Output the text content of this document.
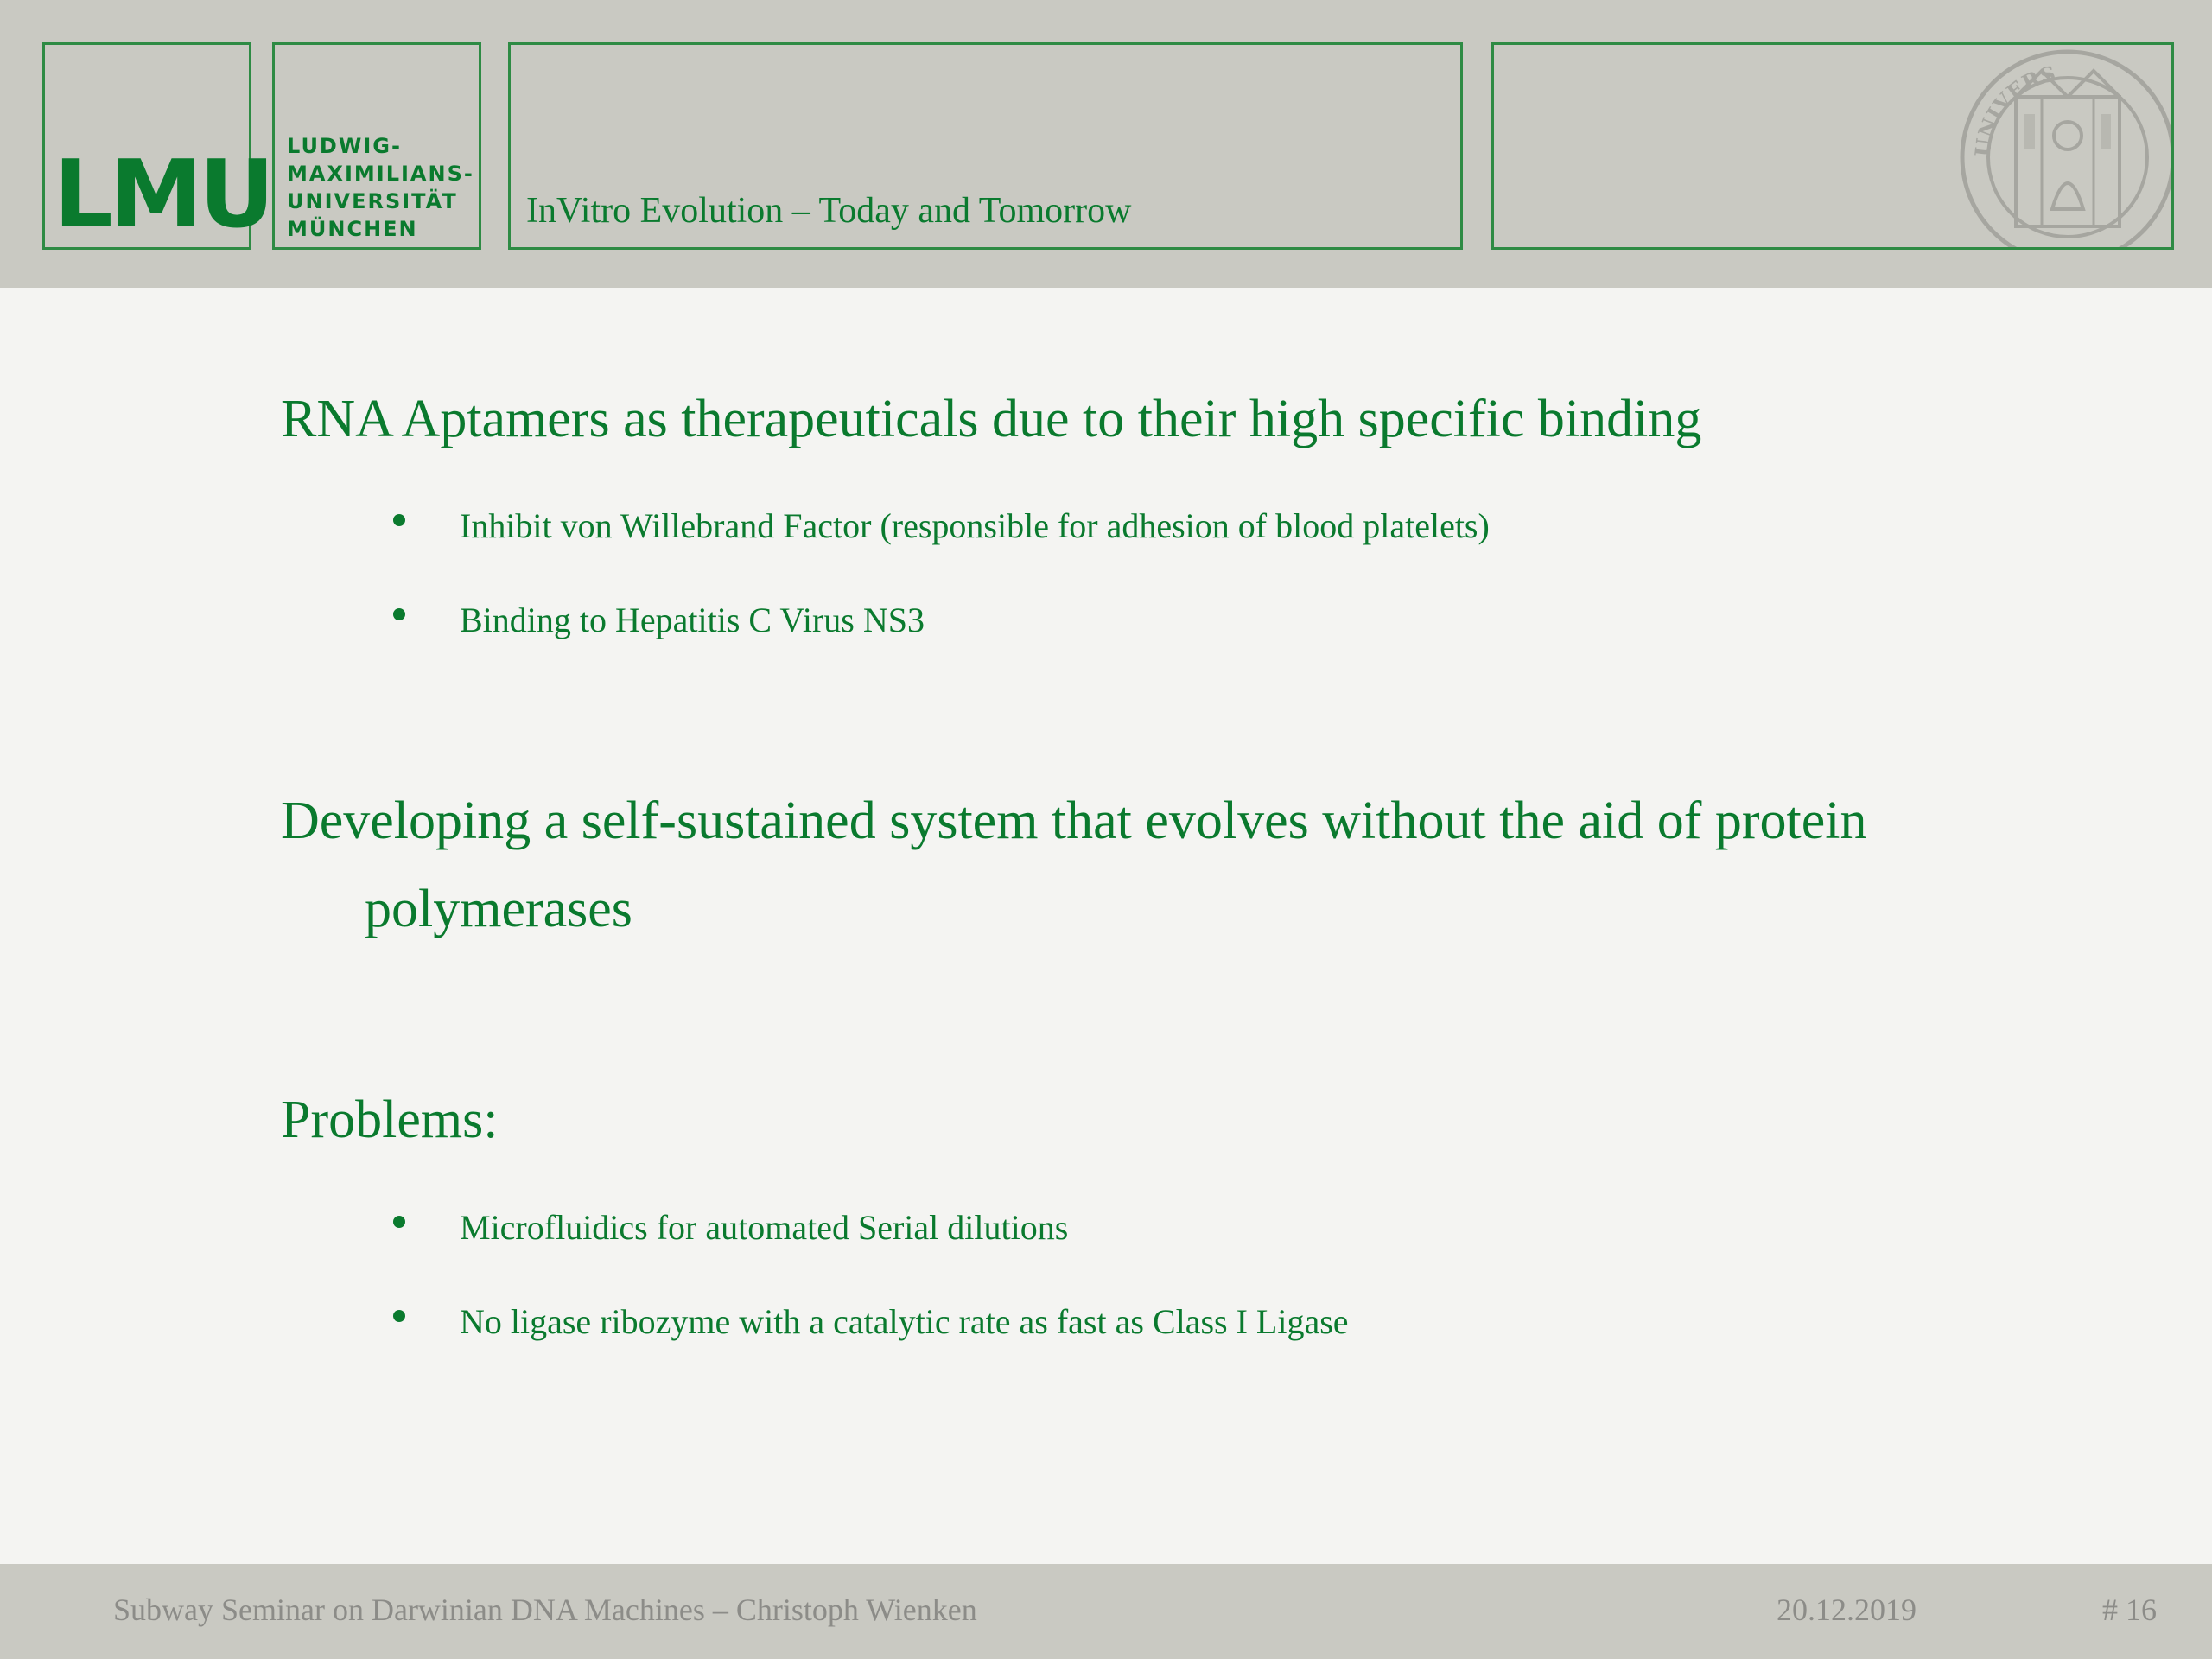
LMU LUDWIG-
MAXIMILIANS-
UNIVERSITÄT
MÜNCHEN	InVitro Evolution – Today and Tomorrow
UNIVERS
RNA Aptamers as therapeuticals due to their high specific binding
Inhibit von Willebrand Factor (responsible for adhesion of blood platelets)
Binding to Hepatitis C Virus NS3
Developing a self-sustained system that evolves without the aid of protein
polymerases
Problems:
Microfluidics for automated Serial dilutions
No ligase ribozyme with a catalytic rate as fast as Class I Ligase
Subway Seminar on Darwinian DNA Machines – Christoph Wienken	20.12.2019	# 16
